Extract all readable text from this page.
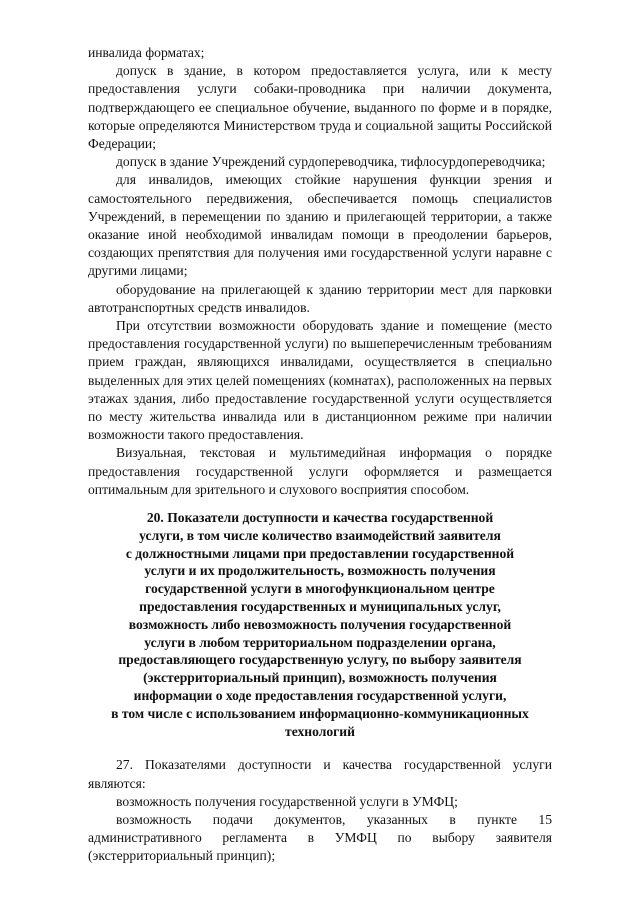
инвалида форматах;

допуск в здание, в котором предоставляется услуга, или к месту предоставления услуги собаки-проводника при наличии документа, подтверждающего ее специальное обучение, выданного по форме и в порядке, которые определяются Министерством труда и социальной защиты Российской Федерации;

допуск в здание Учреждений сурдопереводчика, тифлосурдопереводчика;

для инвалидов, имеющих стойкие нарушения функции зрения и самостоятельного передвижения, обеспечивается помощь специалистов Учреждений, в перемещении по зданию и прилегающей территории, а также оказание иной необходимой инвалидам помощи в преодолении барьеров, создающих препятствия для получения ими государственной услуги наравне с другими лицами;

оборудование на прилегающей к зданию территории мест для парковки автотранспортных средств инвалидов.

При отсутствии возможности оборудовать здание и помещение (место предоставления государственной услуги) по вышеперечисленным требованиям прием граждан, являющихся инвалидами, осуществляется в специально выделенных для этих целей помещениях (комнатах), расположенных на первых этажах здания, либо предоставление государственной услуги осуществляется по месту жительства инвалида или в дистанционном режиме при наличии возможности такого предоставления.

Визуальная, текстовая и мультимедийная информация о порядке предоставления государственной услуги оформляется и размещается оптимальным для зрительного и слухового восприятия способом.

20. Показатели доступности и качества государственной
услуги, в том числе количество взаимодействий заявителя
с должностными лицами при предоставлении государственной
услуги и их продолжительность, возможность получения
государственной услуги в многофункциональном центре
предоставления государственных и муниципальных услуг,
возможность либо невозможность получения государственной
услуги в любом территориальном подразделении органа,
предоставляющего государственную услугу, по выбору заявителя
(экстерриториальный принцип), возможность получения
информации о ходе предоставления государственной услуги,
в том числе с использованием информационно-коммуникационных
технологий

27. Показателями доступности и качества государственной услуги являются:

возможность получения государственной услуги в УМФЦ;

возможность подачи документов, указанных в пункте 15 административного регламента в УМФЦ по выбору заявителя (экстерриториальный принцип);
